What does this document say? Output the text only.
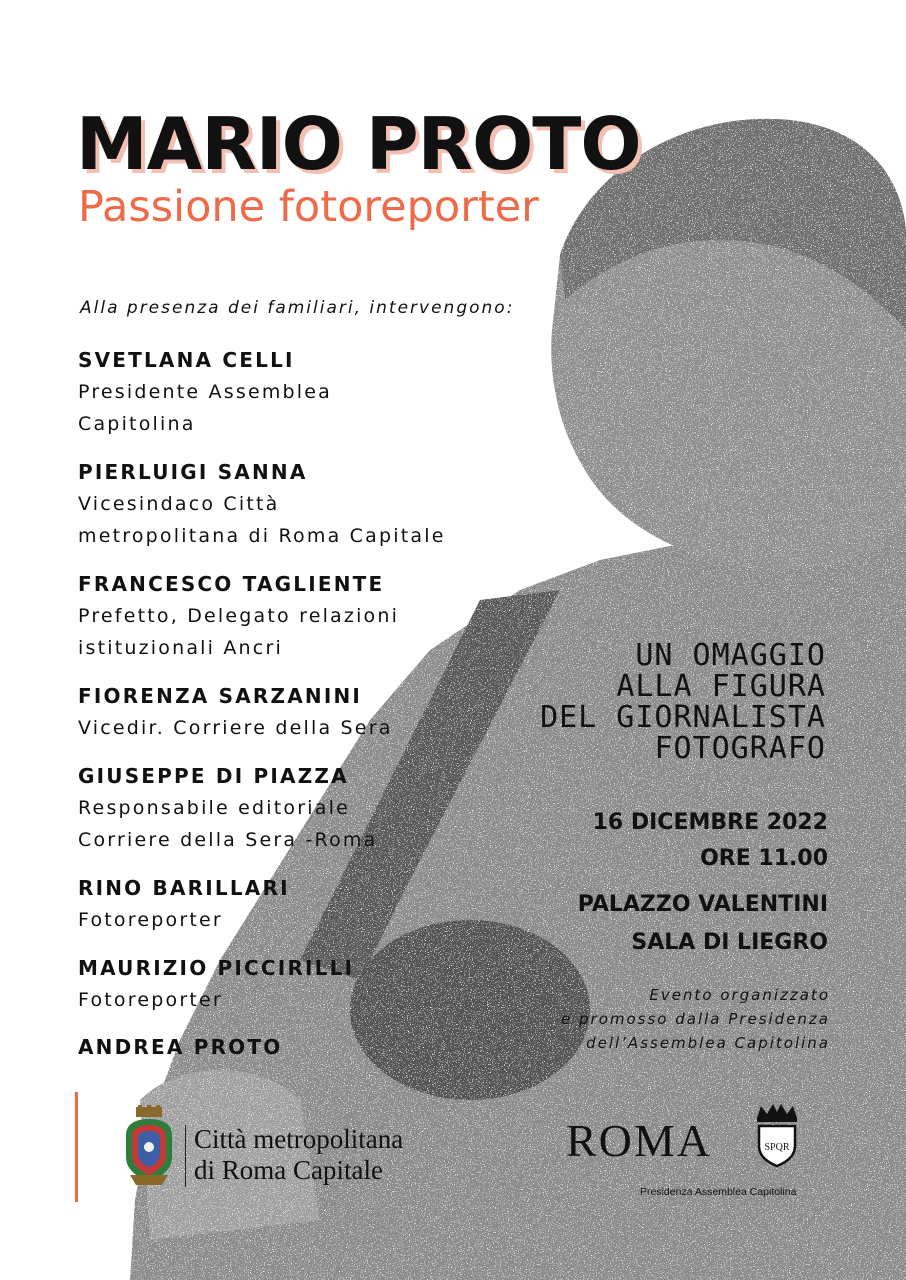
MARIO PROTO
Passione fotoreporter
Alla presenza dei familiari, intervengono:
SVETLANA CELLI
Presidente Assemblea
Capitolina
PIERLUIGI SANNA
Vicesindaco Città
metropolitana di Roma Capitale
FRANCESCO TAGLIENTE
Prefetto, Delegato relazioni
istituzionali Ancri
FIORENZA SARZANINI
Vicedir. Corriere della Sera
GIUSEPPE DI PIAZZA
Responsabile editoriale
Corriere della Sera -Roma
RINO BARILLARI
Fotoreporter
MAURIZIO PICCIRILLI
Fotoreporter
ANDREA PROTO
UN OMAGGIO
ALLA FIGURA
DEL GIORNALISTA
FOTOGRAFO
16 DICEMBRE 2022
ORE 11.00
PALAZZO VALENTINI
SALA DI LIEGRO
Evento organizzato
e promosso dalla Presidenza
dell’Assemblea Capitolina
Città metropolitana
di Roma Capitale
ROMA	SPQR
Presidenza Assemblea Capitolina
